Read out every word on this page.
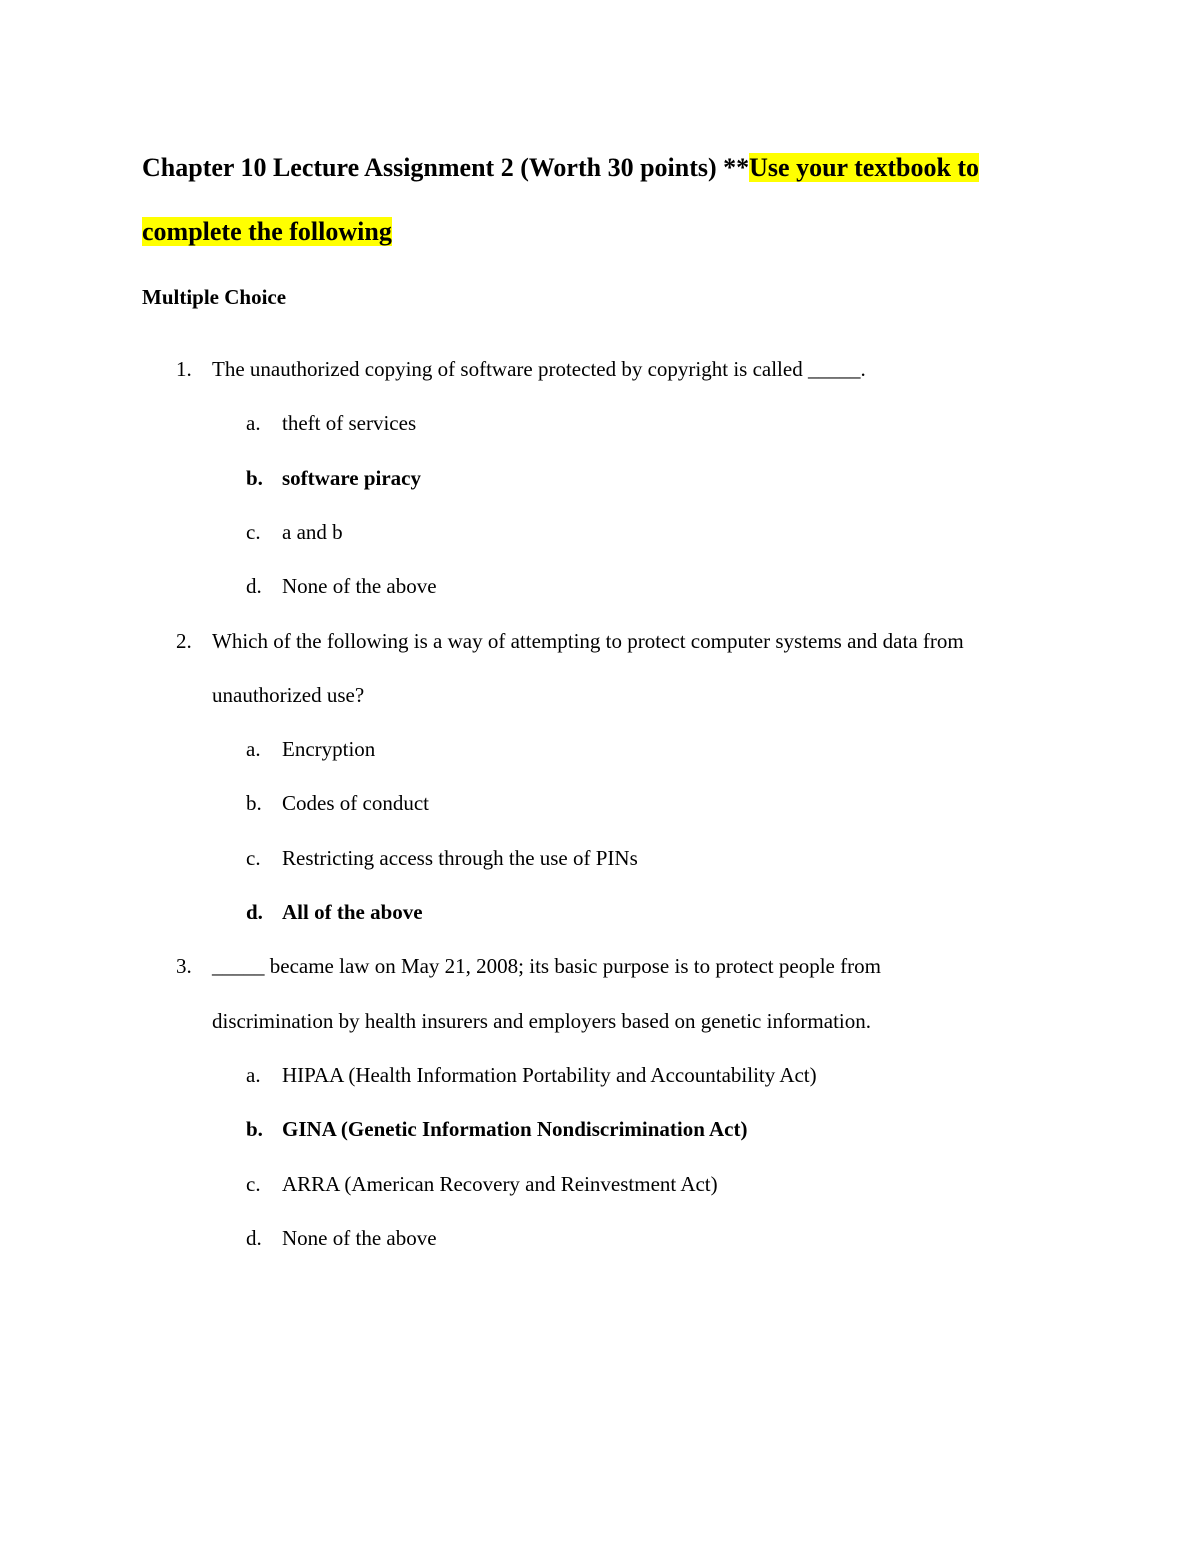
Chapter 10 Lecture Assignment 2 (Worth 30 points) **Use your textbook to
complete the following
Multiple Choice
1. The unauthorized copying of software protected by copyright is called _____.
a. theft of services
b. software piracy
c. a and b
d. None of the above
2. Which of the following is a way of attempting to protect computer systems and data from
unauthorized use?
a. Encryption
b. Codes of conduct
c. Restricting access through the use of PINs
d. All of the above
3. _____ became law on May 21, 2008; its basic purpose is to protect people from
discrimination by health insurers and employers based on genetic information.
a. HIPAA (Health Information Portability and Accountability Act)
b. GINA (Genetic Information Nondiscrimination Act)
c. ARRA (American Recovery and Reinvestment Act)
d. None of the above
